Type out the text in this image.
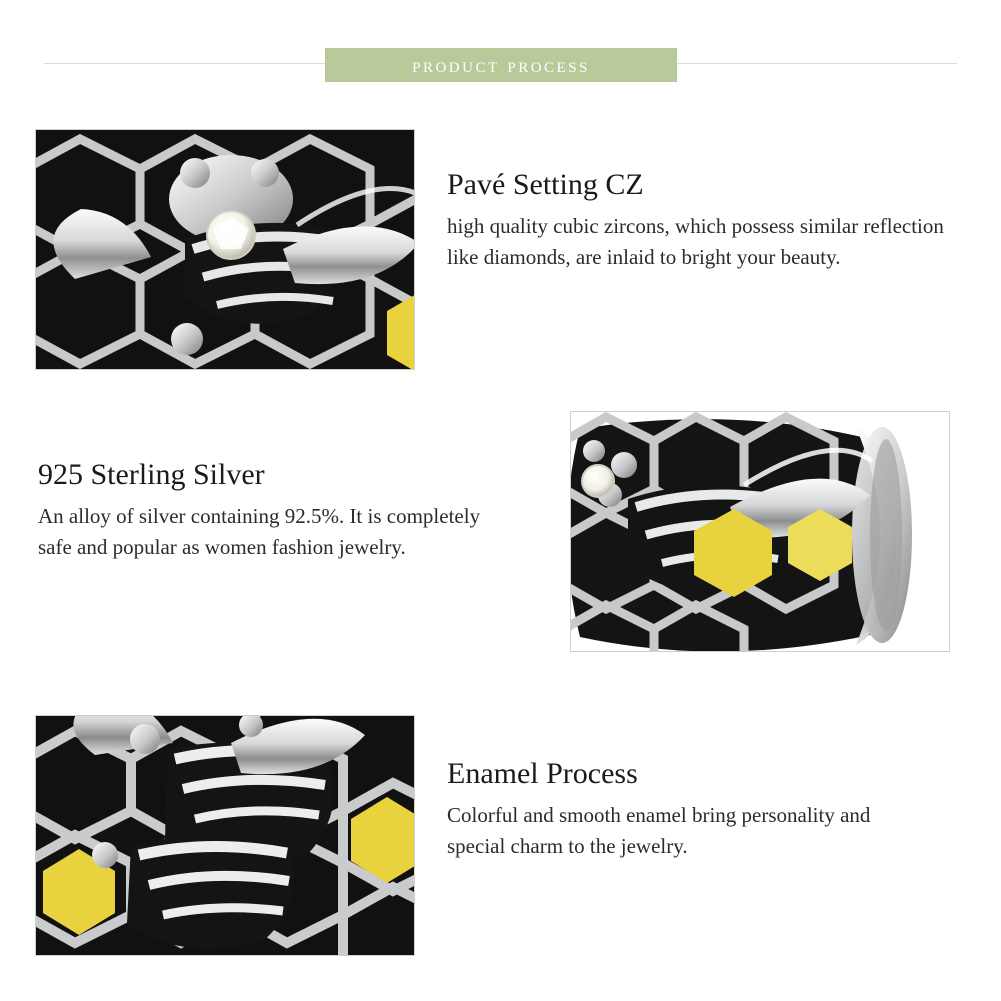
product process
Pavé Setting CZ

high quality cubic zircons, which possess similar reflection like diamonds, are inlaid to bright your beauty.

925 Sterling Silver

An alloy of silver containing 92.5%. It is completely safe and popular as women fashion jewelry.

Enamel Process

Colorful and smooth enamel bring personality and special charm to the jewelry.
